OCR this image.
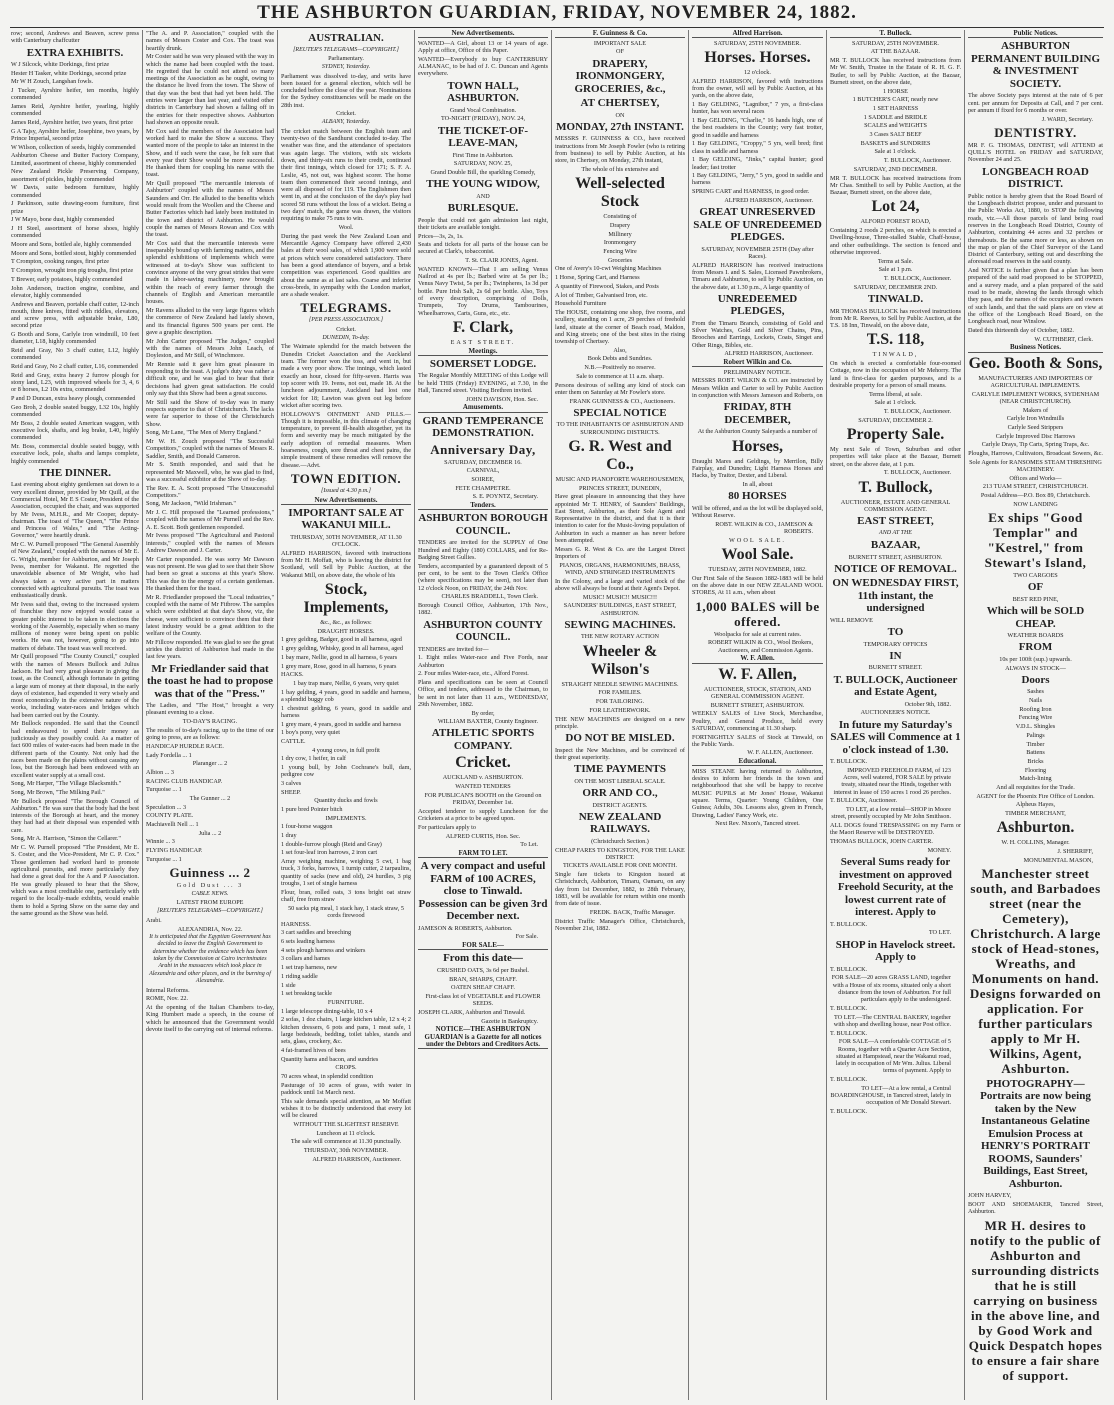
THE ASHBURTON GUARDIAN, FRIDAY, NOVEMBER 24, 1882.
row; second, Andrews and Beaven, screw press with Canterbury chaffcutter
EXTRA EXHIBITS.
W J Silcock, white Dorkings, first prize
Hester H Tasker, white Dorkings, second prize
Mr W H Zouch, Langshan fowls.
J Tucker, Ayrshire heifer, ten months, highly commended
James Reid, Ayrshire heifer, yearling, highly commended
James Reid, Ayrshire heifer, two years, first prize
G A Tajsy, Ayrshire heifer, Josephine, two years, by Prince Imperial, second prize
W Wilson, collection of seeds, highly commended
Ashburton Cheese and Butter Factory Company, Limited, assortment of cheese, highly commended
New Zealand Pickle Preserving Company, assortment of pickles, highly commended
W Davis, suite bedroom furniture, highly commended
J Parkinson, suite drawing-room furniture, first prize
J W Mayo, bone dust, highly commended
J H Steel, assortment of horse shoes, highly commended
Moore and Sons, bottled ale, highly commended
Moore and Sons, bottled stout, highly commended
T Crompton, cooking ranges, first prize
T Crompton, wrought iron pig troughs, first prize
T Brewer, early potatoes, highly commended
John Anderson, traction engine, combine, and elevator, highly commended
Andrews and Beaven, portable chaff cutter, 12-inch mouth, three knives, fitted with riddles, elevators, and screw press, with adjustable brake, L80, second prize
G Booth and Sons, Carlyle iron windmill, 10 feet diameter, L18, highly commended
Reid and Gray, No 3 chaff cutter, L12, highly commended
Reid and Gray, No 2 chaff cutter, L16, commended
Reid and Gray, extra heavy 2 furrow plough for stony land, L23, with improved wheels for 3, 4, 6 or 8 horses, L2 10s extra, commended
P and D Duncan, extra heavy plough, commended
Geo Broh, 2 double seated buggy, L32 10s, highly commended
Mr Boss, 2 double seated American waggon, with executive lock, shafts, and leg brake, L40, highly commended
Mr. Boss, commercial double seated buggy, with executive lock, pole, shafts and lamps complete, highly commended
THE DINNER.
Last evening about eighty gentlemen sat down to a very excellent dinner, provided by Mr Quill, at the Commercial Hotel, Mr E S Coster, President of the Association, occupied the chair, and was supported by Mr Ivess, M.H.R., and Mr Cooper, deputy-chairman. The toast of "The Queen," "The Prince and Princess of Wales," and "The Acting-Governor," were heartily drunk.
Mr C. W. Purnell proposed "The General Assembly of New Zealand," coupled with the names of Mr E. G. Wright, member for Ashburton, and Mr Joseph Ivess, member for Wakanui. He regretted the unavoidable absence of Mr Wright, who had always taken a very active part in matters connected with agricultural pursuits. The toast was enthusiastically drunk.
Mr Ivess said that, owing to the increased system of franchise they now enjoyed would cause a greater public interest to be taken in elections the working of the Assembly, especially when so many millions of money were being spent on public works. He was not, however, going to go into matters of debate. The toast was well received.
Mr Quill proposed "The County Council," coupled with the names of Messrs Bullock and Julius Jackson. He had very great pleasure in giving the toast, as the Council, although fortunate in getting a large sum of money at their disposal, in the early days of existence, had expended it very wisely and most economically in the extensive nature of the works, including water-races and bridges which had been carried out by the County.
Mr Bullock responded. He said that the Council had endeavoured to spend their money as judiciously as they possibly could. As a matter of fact 600 miles of water-races had been made in the different parts of the County. Not only had the races been made on the plains without causing any loss, but the Borough had been endowed with an excellent water supply at a small cost.
Song, Mr Harper, "The Village Blacksmith."
Song, Mr Brown, "The Milking Pail."
Mr Bullock proposed "The Borough Council of Ashburton." He was sure that the body had the best interests of the Borough at heart, and the money they had had at their disposal was expended with care.
Song, Mr A. Harrison, "Simon the Cellarer."
Mr C. W. Purnell proposed "The President, Mr E. S. Coster, and the Vice-President, Mr C. P. Cox." Those gentlemen had worked hard to promote agricultural pursuits, and more particularly they had done a great deal for the A and P Association. He was greatly pleased to hear that the Show, which was a most creditable one, particularly with regard to the locally-made exhibits, would enable them to hold a Spring Show on the same day and the same ground as the Show was held.
"The A. and P. Association," coupled with the names of Messrs Coster and Cox. The toast was heartily drunk.
Mr Coster said he was very pleased with the way in which the name had been coupled with the toast. He regretted that he could not attend so many meetings of the Association as he ought, owing to the distance he lived from the town. The Show of that day was the best that had yet been held. The entries were larger than last year, and visited other districts in Canterbury had shown a falling off in the entries for their respective shows. Ashburton had shown an opposite result.
Mr Cox said the members of the Association had worked hard to make the Show a success. They wanted more of the people to take an interest in the Show, and if such were the case, he felt sure that every year their Show would be more successful. He thanked them for coupling his name with the toast.
Mr Quill proposed "The mercantile interests of Ashburton" coupled with the names of Messrs Saunders and Orr. He alluded to the benefits which would result from the Woollen and the Cheese and Butter Factories which had lately been instituted in the town and district of Ashburton. He would couple the names of Messrs Rowan and Cox with the toast.
Mr Cox said that the mercantile interests were inseparably bound up with farming matters, and the splendid exhibitions of implements which were witnessed at to-day's Show was sufficient to convince anyone of the very great strides that were made in labor-saving machinery, now brought within the reach of every farmer through the channels of English and American mercantile houses.
Mr Ravens alluded to the very large figures which the commerce of New Zealand had lately shown, and its financial figures 500 years per cent. He gave a graphic description.
Mr John Carter proposed "The Judges," coupled with the names of Messrs John Leach, of Doyleston, and Mr Still, of Winchmore.
Mr Rennie said it gave him great pleasure in responding to the toast. A judge's duty was rather a difficult one, and he was glad to hear that their decisions had given great satisfaction. He could only say that this Show had been a great success.
Mr Still said the Show of to-day was in many respects superior to that of Christchurch. The lacks were far superior to those of the Christchurch Show.
Song, Mr Lane, "The Men of Merry England."
Mr W. H. Zouch proposed "The Successful Competitors," coupled with the names of Messrs R. Saddler, Smith, and Donald Cameron.
Mr S. Smith responded, and said that he represented Mr Maxwell, who, he was glad to find, was a successful exhibitor at the Show of to-day.
The Rev. E. A. Scott proposed "The Unsuccessful Competitors."
Song, Mr Jackson, "Wild Irishman."
Mr J. C. Hill proposed the "Learned professions," coupled with the names of Mr Purnell and the Rev. A. E. Scott. Both gentlemen responded.
Mr Ivess proposed "The Agricultural and Pastoral interests," coupled with the names of Messrs Andrew Dawson and J. Carter.
Mr Carter responded. He was sorry Mr Dawson was not present. He was glad to see that their Show had been so great a success at this year's Show. This was due to the energy of a certain gentleman. He thanked them for the toast.
Mr R. Friedlander proposed the "Local industries," coupled with the name of Mr Fitbrow. The samples which were exhibited at that day's Show, viz, the cheese, were sufficient to convince them that their latest industry would be a great addition to the welfare of the County.
Mr Fillcow responded. He was glad to see the great strides the district of Ashburton had made in the last few years.
Mr Friedlander said that the toast he had to propose was that of the "Press."
The Ladies, and "The Host," brought a very pleasant evening to a close.
TO-DAY'S RACING.
The results of to-day's racing, up to the time of our going to press, are as follows:
HANDICAP HURDLE RACE.
Lady Fordella ... 1
Plaranger ... 2
Albion ... 3
RACING CLUB HANDICAP.
Turquoise ... 1
The Gunner ... 2
Speculation ... 3
COUNTY PLATE.
Machiavelli Nell ... 1
Julia ... 2
Winnie ... 3
FLYING HANDICAP.
Turquoise ... 1
Guinness ... 2
Gold Dust ... 3
CABLE NEWS.
LATEST FROM EUROPE
[REUTER'S TELEGRAMS—COPYRIGHT.]
Arabi.
ALEXANDRIA, Nov. 22.
It is anticipated that the Egyptian Government has decided to leave the English Government to determine whether the evidence which has been taken by the Commission at Cairo incriminates Arabi in the massacres which took place in Alexandria and other places, and in the burning of Alexandria.
Internal Reforms.
ROME, Nov. 22.
At the opening of the Italian Chambers to-day, King Humbert made a speech, in the course of which he announced that the Government would devote itself to the carrying out of internal reforms.
AUSTRALIAN.
[REUTER'S TELEGRAMS—COPYRIGHT.]
Parliamentary.
SYDNEY, Yesterday.
Parliament was dissolved to-day, and writs have been issued for a general election, which will be concluded before the close of the year. Nominations for the Sydney constituencies will be made on the 28th inst.
Cricket.
ALBANY, Yesterday.
The cricket match between the English team and twenty-two of the Sandhurst concluded to-day. The weather was fine, and the attendance of spectators was again large. The visitors, with six wickets down, and thirty-six runs to their credit, continued their first innings, which closed for 171; S. F. A. Leslie, 45, not out, was highest scorer. The home team then commenced their second innings, and were all disposed of for 119. The Englishmen then went in, and at the conclusion of the day's play had scored 58 runs without the loss of a wicket. Being a two days' match, the game was drawn, the visitors requiring to make 75 runs to win.
Wool.
During the past week the New Zealand Loan and Mercantile Agency Company have offered 2,430 bales at their wool sales, of which 1,900 were sold at prices which were considered satisfactory. There has been a good attendance of buyers, and a brisk competition was experienced. Good qualities are about the same as at last sales. Coarse and inferior cross-breds, in sympathy with the London market, are a shade weaker.
TELEGRAMS.
[PER PRESS ASSOCIATION.]
Cricket.
DUNEDIN, To-day.
The Waimate splendid for the match between the Dunedin Cricket Association and the Auckland team. The former won the toss, and went in, but made a very poor show. The innings, which lasted exactly an hour, closed for fifty-seven. Harris was top scorer with 19. Ivens, not out, made 18. At the luncheon adjournment, Auckland had lost one wicket for 18; Lawton was given out leg before wicket after scoring two.
HOLLOWAY'S OINTMENT AND PILLS.—Though it is impossible, in this climate of changing temperature, to prevent ill-health altogether, yet its form and severity may be much mitigated by the early adoption of remedial measures. When hoarseness, cough, sore throat and chest pains, the simple treatment of these remedies will remove the disease.—Advt.
TOWN EDITION.
[Issued at 4.30 p.m.]
New Advertisements.
IMPORTANT SALE AT WAKANUI MILL.
THURSDAY, 30TH NOVEMBER, AT 11.30 O'CLOCK.
ALFRED HARRISON, favored with instructions from Mr H. Moffatt, who is leaving the district for Scotland, will Sell by Public Auction, at the Wakanui Mill, on above date, the whole of his
Stock, Implements,
&c., &c., as follows:
DRAUGHT HORSES.
1 grey gelding, Badger, good in all harness, aged
1 grey gelding, Whisky, good in all harness, aged
1 bay mare, Nellie, good in all harness, 6 years
1 grey mare, Rose, good in all harness, 6 years
HACKS.
1 bay trap mare, Nellie, 6 years, very quiet
1 bay gelding, 4 years, good in saddle and harness, a splendid buggy cob
1 chestnut gelding, 6 years, good in saddle and harness
1 grey mare, 4 years, good in saddle and harness
1 boy's pony, very quiet
CATTLE.
4 young cows, in full profit
1 dry cow, 1 heifer, in calf
1 young bull, by John Cochrane's bull, dam, pedigree cow
3 calves
SHEEP.
Quantity ducks and fowls
1 pure bred Pointer bitch
IMPLEMENTS.
1 four-horse waggon
1 dray
1 double-furrow plough (Reid and Gray)
1 set four-leaf iron harrows, 2 iron cart
Array weighing machine, weighing 5 cwt, 1 bag truck, 3 forks, harrows, 1 turnip cutter, 2 tarpaulins, quantity of sacks (new and old), 24 hurdles, 3 pig troughs, 1 set of single harness
Flour, bran, rolled oats, 3 tons bright oat straw chaff, free from straw
50 sacks pig meal, 1 stack hay, 1 stack straw, 5 cords firewood
HARNESS.
3 cart saddles and breeching
6 sets leading harness
4 sets plough harness and winkers
3 collars and hames
1 set trap harness, new
1 riding saddle
1 side
1 set breaking tackle
FURNITURE.
1 large telescope dining-table, 10 x 4
2 sofas, 1 doz chairs, 1 large kitchen table, 12 x 4; 2 kitchen dressers, 6 pots and pans, 1 meat safe, 1 large bedsteads, bedding, toilet tables, stands and sets, glass, crockery, &c.
4 fat-framed hives of bees
Quantity hams and bacon, and sundries
CROPS.
70 acres wheat, in splendid condition
Pasturage of 10 acres of grass, with water in paddock until 1st March next.
This sale demands special attention, as Mr Moffatt wishes it to be distinctly understood that every lot will be cleared
WITHOUT THE SLIGHTEST RESERVE
Luncheon at 11 o'clock.
The sale will commence at 11.30 punctually.
THURSDAY, 30th NOVEMBER.
ALFRED HARRISON, Auctioneer.
New Advertisements.
WANTED—A Girl, about 13 or 14 years of age. Apply at office, Office of this Paper.
WANTED—Everybody to buy CANTERBURY ALMANAC, to be had of J. C. Duncan and Agents everywhere.
TOWN HALL, ASHBURTON.
Grand Vocal Combination.
TO-NIGHT (FRIDAY), NOV. 24,
THE TICKET-OF-LEAVE-MAN,
First Time in Ashburton.
SATURDAY, NOV. 25,
Grand Double Bill, the sparkling Comedy,
THE YOUNG WIDOW,
AND
BURLESQUE.
People that could not gain admission last night, their tickets are available tonight.
Prices—3s, 2s, 1s.
Seats and tickets for all parts of the house can be secured at Clark's, tobacconist.
T. St. CLAIR JONES, Agent.
WANTED KNOWN—That I am selling Venus Nailrod at 4s per lb.; Barbed wire at 5s per lb.; Venus Navy Twist, 5s per lb.; Twinpheres, 1s 3d per bottle. Pure Irish Salt, 2s 6d per bottle. Also, Toys of every description, comprising of Dolls, Trumpets, Toy Drums, Tambourines, Wheelbarrows, Carts, Guns, etc., etc.
F. Clark,
EAST STREET.
Meetings.
SOMERSET LODGE.
The Regular Monthly MEETING of this Lodge will be held THIS (Friday) EVENING, at 7.30, in the Hall, Tancred street. Visiting Brethren invited.
JOHN DAVISON, Hon. Sec.
Amusements.
GRAND TEMPERANCE DEMONSTRATION.
Anniversary Day,
SATURDAY, DECEMBER 16.
CARNIVAL,
SOIREE,
FETE CHAMPETRE.
S. E. POYNTZ, Secretary.
Tenders.
ASHBURTON BOROUGH COUNCIL.
TENDERS are invited for the SUPPLY of One Hundred and Eighty (180) COLLARS, and for Re-Badging Street Gullies.
Tenders, accompanied by a guaranteed deposit of 5 per cent, to be sent to the Town Clerk's Office (where specifications may be seen), not later than 12 o'clock Noon, on FRIDAY, the 24th Nov.
CHARLES BRADDELL, Town Clerk.
Borough Council Office, Ashburton, 17th Nov., 1882.
ASHBURTON COUNTY COUNCIL.
TENDERS are invited for—
1. Eight miles Water-race and Five Fords, near Ashburton
2. Four miles Water-race, etc., Alford Forest.
Plans and specifications can be seen at Council Office, and tenders, addressed to the Chairman, to be sent in not later than 11 a.m., WEDNESDAY, 29th November, 1882.
By order,
WILLIAM BAXTER, County Engineer.
ATHLETIC SPORTS COMPANY.
Cricket.
AUCKLAND v. ASHBURTON.
WANTED TENDERS
FOR PUBLICAN'S BOOTH on the Ground on FRIDAY, December 1st.
Accepted tenderer to supply Luncheon for the Cricketers at a price to be agreed upon.
For particulars apply to
ALFRED CURTIS, Hon. Sec.
To Let.
FARM TO LET.
A very compact and useful FARM of 100 ACRES, close to Tinwald. Possession can be given 3rd December next.
JAMESON & ROBERTS, Ashburton.
For Sale.
FOR SALE—
From this date—
CRUSHED OATS, 3s 6d per Bushel.
BRAN, SHARPS, CHAFF.
OATEN SHEAF CHAFF.
First-class lot of VEGETABLE and FLOWER SEEDS.
JOSEPH CLARK, Ashburton and Tinwald.
Gazette in Bankruptcy.
NOTICE—THE ASHBURTON GUARDIAN is a Gazette for all notices under the Debtors and Creditors Acts.
F. Guinness & Co.
IMPORTANT SALE
OF
DRAPERY, IRONMONGERY, GROCERIES, &c.,
AT CHERTSEY,
ON
MONDAY, 27th INSTANT.
MESSRS F. GUINNESS & CO., have received instructions from Mr Joseph Fowler (who is retiring from business) to sell by Public Auction, at his store, in Chertsey, on Monday, 27th instant,
The whole of his extensive and
Well-selected Stock
Consisting of
Drapery
Millinery
Ironmongery
Fencing Wire
Groceries
One of Avery's 10-cwt Weighing Machines
1 Horse, Spring Cart, and Harness
A quantity of Firewood, Stakes, and Posts
A lot of Timber, Galvanised Iron, etc.
Household Furniture
The HOUSE, containing one shop, five rooms, and scullery, standing on 1 acre, 29 perches of freehold land, situate at the corner of Beach road, Maldon, and King streets; one of the best sites in the rising township of Chertsey.
Also,
Book Debts and Sundries.
N.B.—Positively no reserve.
Sale to commence at 11 a.m. sharp.
Persons desirous of selling any kind of stock can enter them on Saturday at Mr Fowler's store.
FRANK GUINNESS & CO., Auctioneers.
SPECIAL NOTICE
TO THE INHABITANTS OF ASHBURTON AND SURROUNDING DISTRICTS.
G. R. West and Co.,
MUSIC AND PIANOFORTE WAREHOUSEMEN,
PRINCES STREET, DUNEDIN,
Have great pleasure in announcing that they have appointed Mr T. HENRY, of Saunders' Buildings, East Street, Ashburton, as their Sole Agent and Representative in the district, and that it is their intention to cater for the Music-loving population of Ashburton in such a manner as has never before been attempted.
Messrs G. R. West & Co. are the Largest Direct Importers of
PIANOS, ORGANS, HARMONIUMS, BRASS, WIND, AND STRINGED INSTRUMENTS
In the Colony, and a large and varied stock of the above will always be found at their Agent's Depot.
MUSIC! MUSIC!! MUSIC!!!
SAUNDERS' BUILDINGS, EAST STREET, ASHBURTON.
SEWING MACHINES.
THE NEW ROTARY ACTION
Wheeler & Wilson's
STRAIGHT NEEDLE SEWING MACHINES.
FOR FAMILIES.
FOR TAILORING.
FOR LEATHERWORK.
THE NEW MACHINES are designed on a new principle.
DO NOT BE MISLED.
Inspect the New Machines, and be convinced of their great superiority.
TIME PAYMENTS
ON THE MOST LIBERAL SCALE.
ORR AND CO.,
DISTRICT AGENTS.
NEW ZEALAND RAILWAYS.
(Christchurch Section.)
CHEAP FARES TO KINGSTON, FOR THE LAKE DISTRICT.
TICKETS AVAILABLE FOR ONE MONTH.
Single fare tickets to Kingston issued at Christchurch, Ashburton, Timaru, Oamaru, on any day from 1st December, 1882, to 28th February, 1883, will be available for return within one month from date of issue.
FREDK. BACK, Traffic Manager.
District Traffic Manager's Office, Christchurch, November 21st, 1882.
Alfred Harrison.
SATURDAY, 25TH NOVEMBER.
Horses. Horses.
12 o'clock.
ALFRED HARRISON, favored with instructions from the owner, will sell by Public Auction, at his yards, on the above date,
1 Bay GELDING, "Lagnibor," 7 yrs, a first-class hunter, has won several races
1 Bay GELDING, "Charlie," 16 hands high, one of the best roadsters in the County; very fast trotter, good in saddle and harness
1 Bay GELDING, "Croppy," 5 yrs, well bred; first class in saddle and harness
1 Bay GELDING, "Jinks," capital hunter; good leader; fast trotter
1 Bay GELDING, "Jerry," 5 yrs, good in saddle and harness
SPRING CART and HARNESS, in good order.
ALFRED HARRISON, Auctioneer.
GREAT UNRESERVED SALE OF UNREDEEMED PLEDGES.
SATURDAY, NOVEMBER 25TH (Day after Races).
ALFRED HARRISON has received instructions from Messrs I. and S. Sales, Licensed Pawnbrokers, Timaru and Ashburton, to sell by Public Auction, on the above date, at 1.30 p.m., A large quantity of
UNREDEEMED PLEDGES,
From the Timaru Branch, consisting of Gold and Silver Watches, Gold and Silver Chains, Pins, Brooches and Earrings, Lockets, Coats, Singet and Other Rings, Bibles, etc.
ALFRED HARRISON, Auctioneer.
Robert Wilkin and Co.
PRELIMINARY NOTICE.
MESSRS ROBT. WILKIN & CO. are instructed by Messrs Wilkin and Carter to sell by Public Auction in conjunction with Messrs Jameson and Roberts, on
FRIDAY, 8TH DECEMBER,
At the Ashburton County Saleyards a number of
Horses,
Draught Mares and Geldings, by Merrilon, Billy Fairplay, and Dunedin; Light Harness Horses and Hacks, by Traitor, Dexter, and Liberal.
In all, about
80 HORSES
Will be offered, and as the lot will be displayed sold, Without Reserve.
ROBT. WILKIN & CO., JAMESON & ROBERTS.
WOOL SALE.
Wool Sale.
TUESDAY, 28TH NOVEMBER, 1882.
Our First Sale of the Season 1882-1883 will be held on the above date in our NEW ZEALAND WOOL STORES, At 11 a.m., when about
1,000 BALES will be offered.
Woolpacks for sale at current rates.
ROBERT WILKIN & CO., Wool Brokers, Auctioneers, and Commission Agents.
W. F. Allen.
W. F. Allen,
AUCTIONEER, STOCK, STATION, AND GENERAL COMMISSION AGENT.
BURNETT STREET, ASHBURTON.
WEEKLY SALES of Live Stock, Merchandise, Poultry, and General Produce, held every SATURDAY, commencing at 11.30 sharp.
FORTNIGHTLY SALES of Stock at Tinwald, on the Public Yards.
W. F. ALLEN, Auctioneer.
Educational.
MISS STEANE having returned to Ashburton, desires to inform her friends in the town and neighbourhood that she will be happy to receive MUSIC PUPILS at Mr Jones' House, Wakanui square. Terms, Quarter: Young Children, One Guinea; Adults, 30s. Lessons also, given in French, Drawing, Ladies' Fancy Work, etc.
Next Rev. Nixon's, Tancred street.
T. Bullock.
SATURDAY, 25TH NOVEMBER.
AT THE BAZAAR.
MR T. BULLOCK has received instructions from Mr W. Smith, Trustee in the Estate of R. H. G. F. Butler, to sell by Public Auction, at the Bazaar, Burnett street, on the above date,
1 HORSE
1 BUTCHER'S CART, nearly new
1 SET HARNESS
1 SADDLE and BRIDLE
SCALES and WEIGHTS
3 Cases SALT BEEF
BASKETS and SUNDRIES
Sale at 1 o'clock.
T. BULLOCK, Auctioneer.
SATURDAY, 2ND DECEMBER.
MR T. BULLOCK has received instructions from Mr Chas. Smithell to sell by Public Auction, at the Bazaar, Burnett street, on the above date,
Lot 24,
ALFORD FOREST ROAD,
Containing 2 roods 2 perches, on which is erected a Dwelling-house, Three-stalled Stable, Chaff-house, and other outbuildings. The section is fenced and otherwise improved.
Terms at Sale.
Sale at 1 p.m.
T. BULLOCK, Auctioneer.
SATURDAY, DECEMBER 2ND.
TINWALD.
MR THOMAS BULLOCK has received instructions from Mr R. Reeves, to Sell by Public Auction, at the T.S. 18 Inn, Tinwald, on the above date,
T.S. 118,
TINWALD,
On which is erected a comfortable four-roomed Cottage, now in the occupation of Mr Mehorry. The land is first-class for garden purposes, and is a desirable property for a person of small means.
Terms liberal, at sale.
Sale at 1 o'clock.
T. BULLOCK, Auctioneer.
SATURDAY, DECEMBER 2.
Property Sale.
My next Sale of Town, Suburban and other properties will take place at the Bazaar, Burnett street, on the above date, at 1 p.m.
T. BULLOCK, Auctioneer.
T. Bullock,
AUCTIONEER, ESTATE AND GENERAL COMMISSION AGENT.
EAST STREET,
AND AT THE
BAZAAR,
BURNETT STREET, ASHBURTON.
NOTICE OF REMOVAL.
ON WEDNESDAY FIRST, 11th instant, the undersigned
WILL REMOVE
TO
TEMPORARY OFFICES
IN
BURNETT STREET.
T. BULLOCK, Auctioneer and Estate Agent,
October 9th, 1882.
AUCTIONEER'S NOTICE.
In future my Saturday's SALES will Commence at 1 o'clock instead of 1.30.
T. BULLOCK.
IMPROVED FREEHOLD FARM, of 123 Acres, well watered, FOR SALE by private treaty, situated near the Hinds, together with interest in lease of 150 acres 1 rood 26 perches.
T. BULLOCK, Auctioneer.
TO LET, at a low rental—SHOP in Moore street, presently occupied by Mr John Smithson.
ALL DOGS found TRESPASSING on my Farm or the Maori Reserve will be DESTROYED.
THOMAS BULLOCK, JOHN CARTER.
MONEY.
Several Sums ready for investment on approved Freehold Security, at the lowest current rate of interest. Apply to
T. BULLOCK.
TO LET.
SHOP in Havelock street. Apply to
T. BULLOCK.
FOR SALE—20 acres GRASS LAND, together with a House of six rooms, situated only a short distance from the town of Ashburton. For full particulars apply to the undersigned.
T. BULLOCK.
TO LET.—The CENTRAL BAKERY, together with shop and dwelling house, near Post office.
T. BULLOCK.
FOR SALE—A comfortable COTTAGE of 5 Rooms, together with a Quarter Acre Section, situated at Hampstead, near the Wakanui road, lately in occupation of Mr Wm. Julius. Liberal terms of payment. Apply to
T. BULLOCK.
TO LET—At a low rental, a Central BOARDINGHOUSE, in Tancred street, lately in occupation of Mr Donald Stewart.
T. BULLOCK.
Public Notices.
ASHBURTON PERMANENT BUILDING & INVESTMENT SOCIETY.
The above Society pays interest at the rate of 6 per cent. per annum for Deposits at Call, and 7 per cent. per annum if fixed for 6 months or over.
J. WARD, Secretary.
DENTISTRY.
MR F. G. THOMAS, DENTIST, will ATTEND at QUILL'S HOTEL on FRIDAY and SATURDAY, November 24 and 25.
LONGBEACH ROAD DISTRICT.
Public notice is hereby given that the Road Board of the Longbeach district propose, under and pursuant to the Public Works Act, 1880, to STOP the following roads, viz.—All those parcels of land being road reserves in the Longbeach Road District, County of Ashburton, containing 44 acres and 32 perches or thereabouts. Be the same more or less, as shown on the map or plan of the Chief Surveyor of the Land District of Canterbury, setting out and describing the aforesaid road reserves in the said county.
And NOTICE is further given that a plan has been prepared of the said road proposed to be STOPPED, and a survey made, and a plan prepared of the said road to be made, showing the lands through which they pass, and the names of the occupiers and owners of such lands, and that the said plans are on view at the office of the Longbeach Road Board, on the Longbeach road, near Winslow.
Dated this thirteenth day of October, 1882.
W. CUTHBERT, Clerk.
Business Notices.
Geo. Booth & Sons,
MANUFACTURERS AND IMPORTERS OF AGRICULTURAL IMPLEMENTS.
CARLYLE IMPLEMENT WORKS, SYDENHAM (NEAR CHRISTCHURCH).
Makers of
Carlyle Iron Windmills
Carlyle Seed Strippers
Carlyle Improved Disc Harrows
Carlyle Drays, Tip Carts, Spring Traps, &c.
Ploughs, Harrows, Cultivators, Broadcast Sowers, &c.
Sole Agents for RANSOMES STEAM THRESHING MACHINERY.
Offices and Works—
213 TUAM STREET, CHRISTCHURCH.
Postal Address—P.O. Box 89, Christchurch.
NOW LANDING
Ex ships "Good Templar" and "Kestrel," from Stewart's Island,
TWO CARGOES
OF
BEST RED PINE,
Which will be SOLD CHEAP.
WEATHER BOARDS
FROM
10s per 100ft (sup.) upwards.
ALWAYS IN STOCK—
Doors
Sashes
Nails
Roofing Iron
Fencing Wire
V.D.L. Shingles
Palings
Timber
Battens
Bricks
Flooring
Match-lining
And all requisites for the Trade.
AGENT for the Phoenix Fire Office of London.
Alpheus Hayes,
TIMBER MERCHANT,
Ashburton.
W. H. COLLINS, Manager.
J. SHERRIFF,
MONUMENTAL MASON,
Manchester street south, and Barbadoes street (near the Cemetery), Christchurch. A large stock of Head-stones, Wreaths, and Monuments on hand. Designs forwarded on application. For further particulars apply to Mr H. Wilkins, Agent, Ashburton.
PHOTOGRAPHY—Portraits are now being taken by the New Instantaneous Gelatine Emulsion Process at HENRY'S PORTRAIT ROOMS, Saunders' Buildings, East Street, Ashburton.
JOHN HARVEY,
BOOT AND SHOEMAKER, Tancred Street, Ashburton.
MR H. desires to notify to the public of Ashburton and surrounding districts that he is still carrying on business in the above line, and by Good Work and Quick Despatch hopes to ensure a fair share of support.
